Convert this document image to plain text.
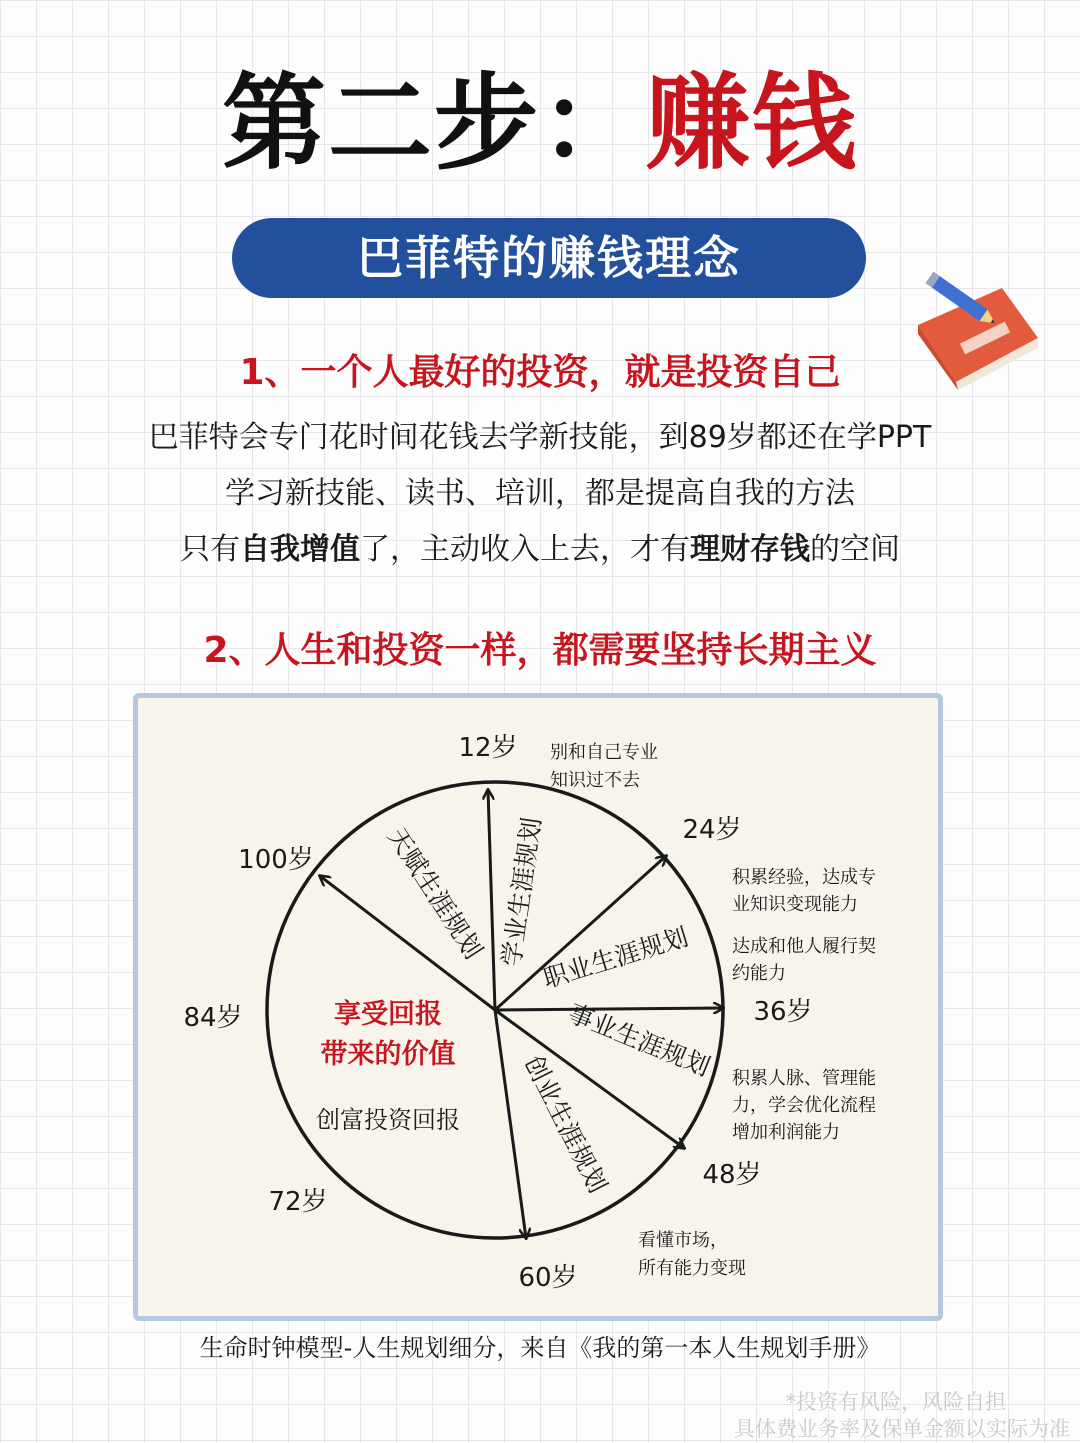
第二步：赚钱
巴菲特的赚钱理念
1、一个人最好的投资，就是投资自己
巴菲特会专门花时间花钱去学新技能，到89岁都还在学PPT
学习新技能、读书、培训，都是提高自我的方法
只有自我增值了，主动收入上去，才有理财存钱的空间
2、人生和投资一样，都需要坚持长期主义
12岁
24岁
36岁
48岁
60岁
72岁
84岁
100岁	天赋生涯规划 学业生涯规划
职业生涯规划
事业生涯规划
创业生涯规划
享受回报
带来的价值
创富投资回报
别和自己专业
知识过不去
积累经验，达成专
业知识变现能力
达成和他人履行契
约能力
积累人脉、管理能
力，学会优化流程
增加利润能力
看懂市场，
所有能力变现
生命时钟模型-人生规划细分，来自《我的第一本人生规划手册》
*投资有风险，风险自担
具体费业务率及保单金额以实际为准
